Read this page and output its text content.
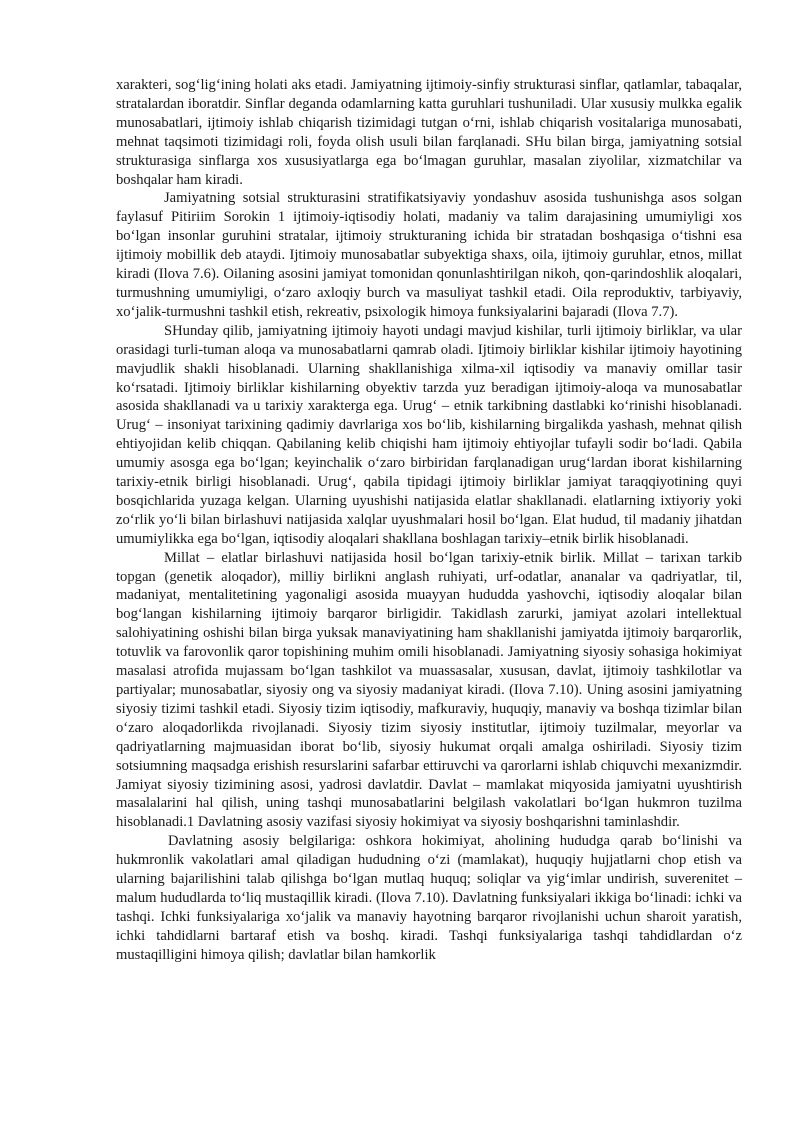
xarakteri, sog‘lig‘ining holati aks etadi. Jamiyatning ijtimoiy-sinfiy strukturasi sinflar, qatlamlar, tabaqalar, stratalardan iboratdir. Sinflar deganda odamlarning katta guruhlari tushuniladi. Ular xususiy mulkka egalik munosabatlari, ijtimoiy ishlab chiqarish tizimidagi tutgan o‘rni, ishlab chiqarish vositalariga munosabati, mehnat taqsimoti tizimidagi roli, foyda olish usuli bilan farqlanadi. SHu bilan birga, jamiyatning sotsial strukturasiga sinflarga xos xususiyatlarga ega bo‘lmagan guruhlar, masalan ziyolilar, xizmatchilar va boshqalar ham kiradi.

Jamiyatning sotsial strukturasini stratifikatsiyaviy yondashuv asosida tushunishga asos solgan faylasuf Pitiriim Sorokin 1 ijtimoiy-iqtisodiy holati, madaniy va talim darajasining umumiyligi xos bo‘lgan insonlar guruhini stratalar, ijtimoiy strukturaning ichida bir stratadan boshqasiga o‘tishni esa ijtimoiy mobillik deb ataydi. Ijtimoiy munosabatlar subyektiga shaxs, oila, ijtimoiy guruhlar, etnos, millat kiradi (Ilova 7.6). Oilaning asosini jamiyat tomonidan qonunlashtirilgan nikoh, qon-qarindoshlik aloqalari, turmushning umumiyligi, o‘zaro axloqiy burch va masuliyat tashkil etadi. Oila reproduktiv, tarbiyaviy, xo‘jalik-turmushni tashkil etish, rekreativ, psixologik himoya funksiyalarini bajaradi (Ilova 7.7).

SHunday qilib, jamiyatning ijtimoiy hayoti undagi mavjud kishilar, turli ijtimoiy birliklar, va ular orasidagi turli-tuman aloqa va munosabatlarni qamrab oladi. Ijtimoiy birliklar kishilar ijtimoiy hayotining mavjudlik shakli hisoblanadi. Ularning shakllanishiga xilma-xil iqtisodiy va manaviy omillar tasir ko‘rsatadi. Ijtimoiy birliklar kishilarning obyektiv tarzda yuz beradigan ijtimoiy-aloqa va munosabatlar asosida shakllanadi va u tarixiy xarakterga ega. Urug‘ – etnik tarkibning dastlabki ko‘rinishi hisoblanadi. Urug‘ – insoniyat tarixining qadimiy davrlariga xos bo‘lib, kishilarning birgalikda yashash, mehnat qilish ehtiyojidan kelib chiqqan. Qabilaning kelib chiqishi ham ijtimoiy ehtiyojlar tufayli sodir bo‘ladi. Qabila umumiy asosga ega bo‘lgan; keyinchalik o‘zaro birbiridan farqlanadigan urug‘lardan iborat kishilarning tarixiy-etnik birligi hisoblanadi. Urug‘, qabila tipidagi ijtimoiy birliklar jamiyat taraqqiyotining quyi bosqichlarida yuzaga kelgan. Ularning uyushishi natijasida elatlar shakllanadi. elatlarning ixtiyoriy yoki zo‘rlik yo‘li bilan birlashuvi natijasida xalqlar uyushmalari hosil bo‘lgan. Elat hudud, til madaniy jihatdan umumiylikka ega bo‘lgan, iqtisodiy aloqalari shakllana boshlagan tarixiy–etnik birlik hisoblanadi.

Millat – elatlar birlashuvi natijasida hosil bo‘lgan tarixiy-etnik birlik. Millat – tarixan tarkib topgan (genetik aloqador), milliy birlikni anglash ruhiyati, urf-odatlar, ananalar va qadriyatlar, til, madaniyat, mentalitetining yagonaligi asosida muayyan hududda yashovchi, iqtisodiy aloqalar bilan bog‘langan kishilarning ijtimoiy barqaror birligidir. Takidlash zarurki, jamiyat azolari intellektual salohiyatining oshishi bilan birga yuksak manaviyatining ham shakllanishi jamiyatda ijtimoiy barqarorlik, totuvlik va farovonlik qaror topishining muhim omili hisoblanadi. Jamiyatning siyosiy sohasiga hokimiyat masalasi atrofida mujassam bo‘lgan tashkilot va muassasalar, xususan, davlat, ijtimoiy tashkilotlar va partiyalar; munosabatlar, siyosiy ong va siyosiy madaniyat kiradi. (Ilova 7.10). Uning asosini jamiyatning siyosiy tizimi tashkil etadi. Siyosiy tizim iqtisodiy, mafkuraviy, huquqiy, manaviy va boshqa tizimlar bilan o‘zaro aloqadorlikda rivojlanadi. Siyosiy tizim siyosiy institutlar, ijtimoiy tuzilmalar, meyorlar va qadriyatlarning majmuasidan iborat bo‘lib, siyosiy hukumat orqali amalga oshiriladi. Siyosiy tizim sotsiumning maqsadga erishish resurslarini safarbar ettiruvchi va qarorlarni ishlab chiquvchi mexanizmdir. Jamiyat siyosiy tizimining asosi, yadrosi davlatdir. Davlat – mamlakat miqyosida jamiyatni uyushtirish masalalarini hal qilish, uning tashqi munosabatlarini belgilash vakolatlari bo‘lgan hukmron tuzilma hisoblanadi.1 Davlatning asosiy vazifasi siyosiy hokimiyat va siyosiy boshqarishni taminlashdir.

Davlatning asosiy belgilariga: oshkora hokimiyat, aholining hududga qarab bo‘linishi va hukmronlik vakolatlari amal qiladigan hududning o‘zi (mamlakat), huquqiy hujjatlarni chop etish va ularning bajarilishini talab qilishga bo‘lgan mutlaq huquq; soliqlar va yig‘imlar undirish, suverenitet – malum hududlarda to‘liq mustaqillik kiradi. (Ilova 7.10). Davlatning funksiyalari ikkiga bo‘linadi: ichki va tashqi. Ichki funksiyalariga xo‘jalik va manaviy hayotning barqaror rivojlanishi uchun sharoit yaratish, ichki tahdidlarni bartaraf etish va boshq. kiradi. Tashqi funksiyalariga tashqi tahdidlardan o‘z mustaqilligini himoya qilish; davlatlar bilan hamkorlik
